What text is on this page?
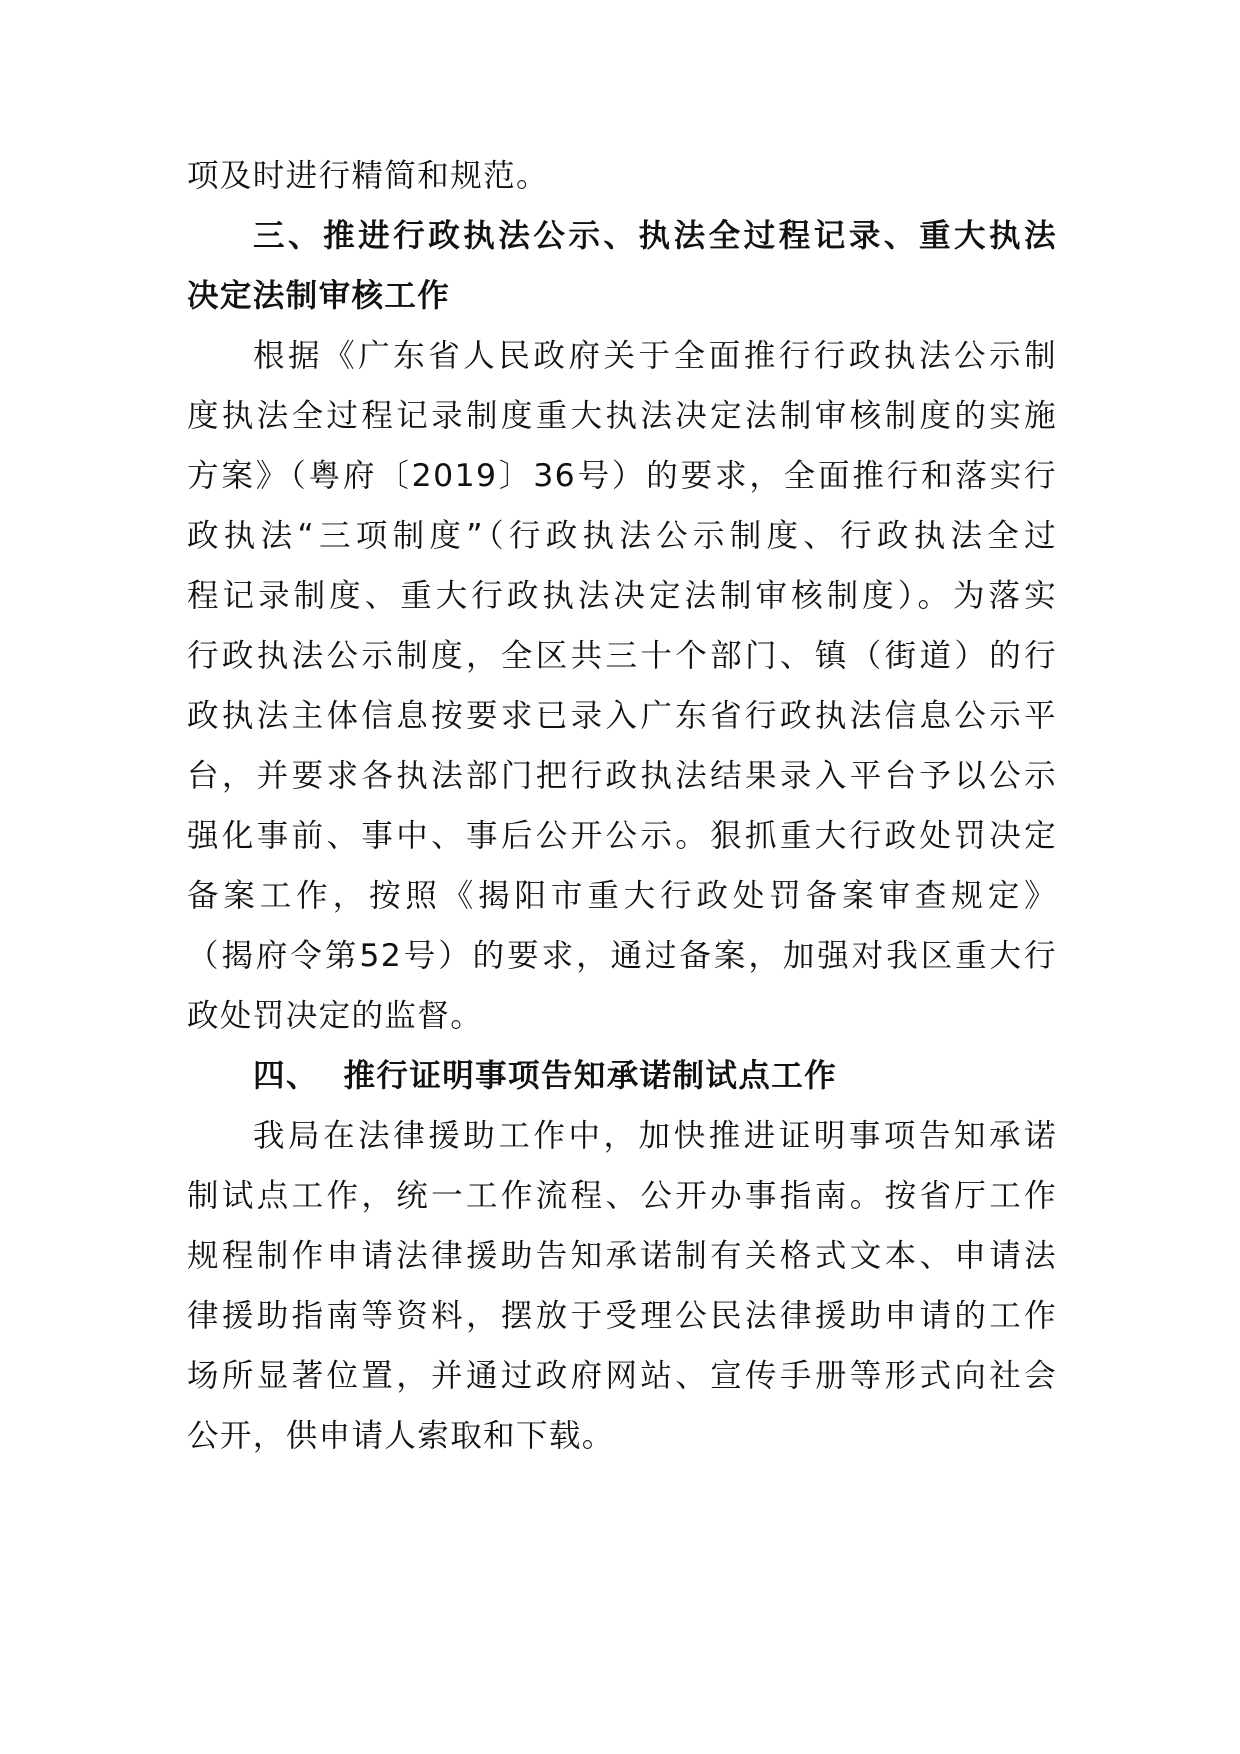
项及时进行精简和规范。
三、推进行政执法公示、执法全过程记录、重大执法
决定法制审核工作
根据《广东省人民政府关于全面推行行政执法公示制
度执法全过程记录制度重大执法决定法制审核制度的实施
方案》（粤府〔2019〕36号）的要求，全面推行和落实行
政执法“三项制度”（行政执法公示制度、行政执法全过
程记录制度、重大行政执法决定法制审核制度）。为落实
行政执法公示制度，全区共三十个部门、镇（街道）的行
政执法主体信息按要求已录入广东省行政执法信息公示平
台，并要求各执法部门把行政执法结果录入平台予以公示
强化事前、事中、事后公开公示。狠抓重大行政处罚决定
备案工作，按照《揭阳市重大行政处罚备案审查规定》
（揭府令第52号）的要求，通过备案，加强对我区重大行
政处罚决定的监督。
四、  推行证明事项告知承诺制试点工作
我局在法律援助工作中，加快推进证明事项告知承诺
制试点工作，统一工作流程、公开办事指南。按省厅工作
规程制作申请法律援助告知承诺制有关格式文本、申请法
律援助指南等资料，摆放于受理公民法律援助申请的工作
场所显著位置，并通过政府网站、宣传手册等形式向社会
公开，供申请人索取和下载。
